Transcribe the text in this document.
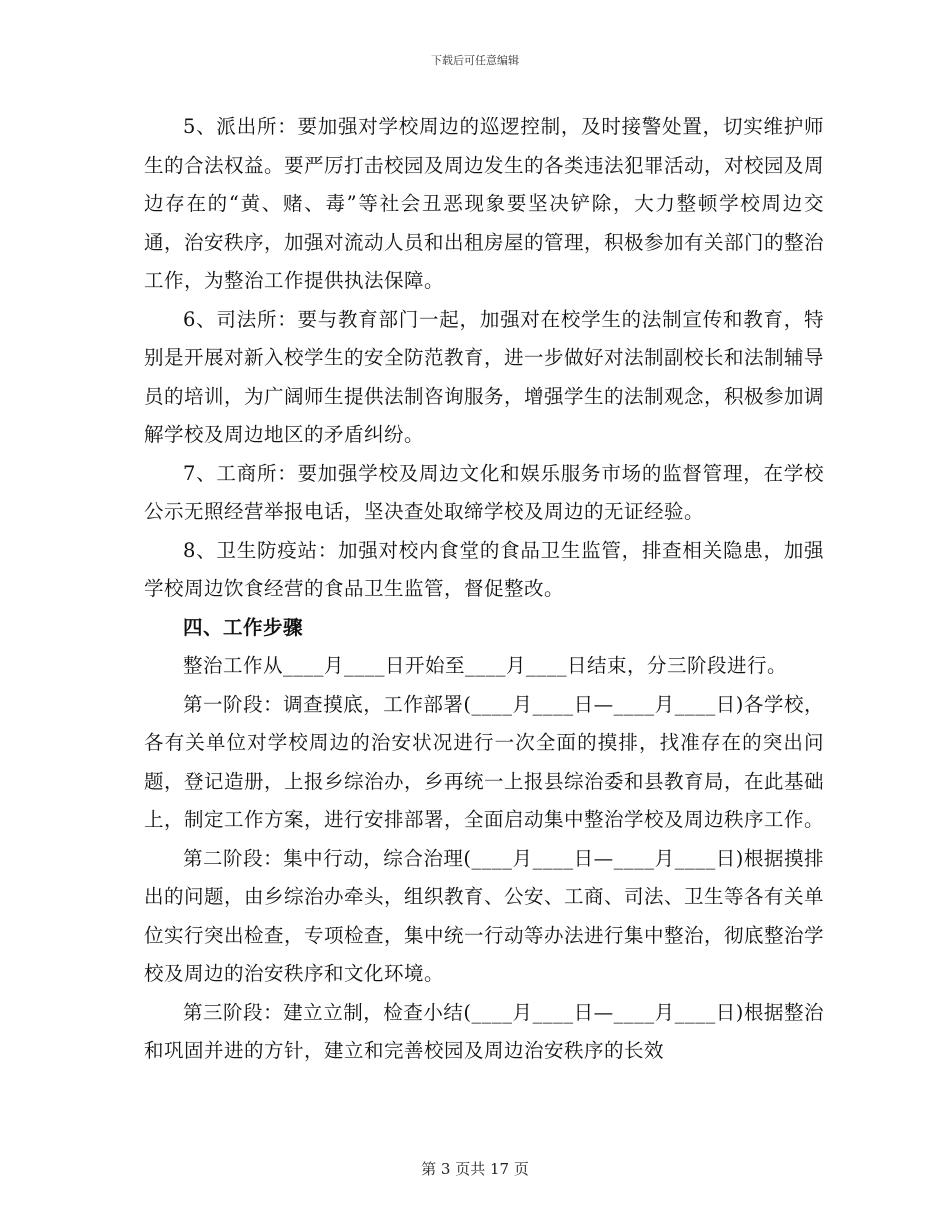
下载后可任意编辑

5、派出所：要加强对学校周边的巡逻控制，及时接警处置，切实维护师生的合法权益。要严厉打击校园及周边发生的各类违法犯罪活动，对校园及周边存在的“黄、赌、毒”等社会丑恶现象要坚决铲除，大力整顿学校周边交通，治安秩序，加强对流动人员和出租房屋的管理，积极参加有关部门的整治工作，为整治工作提供执法保障。

6、司法所：要与教育部门一起，加强对在校学生的法制宣传和教育，特别是开展对新入校学生的安全防范教育，进一步做好对法制副校长和法制辅导员的培训，为广阔师生提供法制咨询服务，增强学生的法制观念，积极参加调解学校及周边地区的矛盾纠纷。

7、工商所：要加强学校及周边文化和娱乐服务市场的监督管理，在学校公示无照经营举报电话，坚决查处取缔学校及周边的无证经验。

8、卫生防疫站：加强对校内食堂的食品卫生监管，排查相关隐患，加强学校周边饮食经营的食品卫生监管，督促整改。

四、工作步骤

整治工作从____月____日开始至____月____日结束，分三阶段进行。

第一阶段：调查摸底，工作部署(____月____日—____月____日)各学校，各有关单位对学校周边的治安状况进行一次全面的摸排，找准存在的突出问题，登记造册，上报乡综治办，乡再统一上报县综治委和县教育局，在此基础上，制定工作方案，进行安排部署，全面启动集中整治学校及周边秩序工作。

第二阶段：集中行动，综合治理(____月____日—____月____日)根据摸排出的问题，由乡综治办牵头，组织教育、公安、工商、司法、卫生等各有关单位实行突出检查，专项检查，集中统一行动等办法进行集中整治，彻底整治学校及周边的治安秩序和文化环境。

第三阶段：建立立制，检查小结(____月____日—____月____日)根据整治和巩固并进的方针，建立和完善校园及周边治安秩序的长效

第 3 页共 17 页
